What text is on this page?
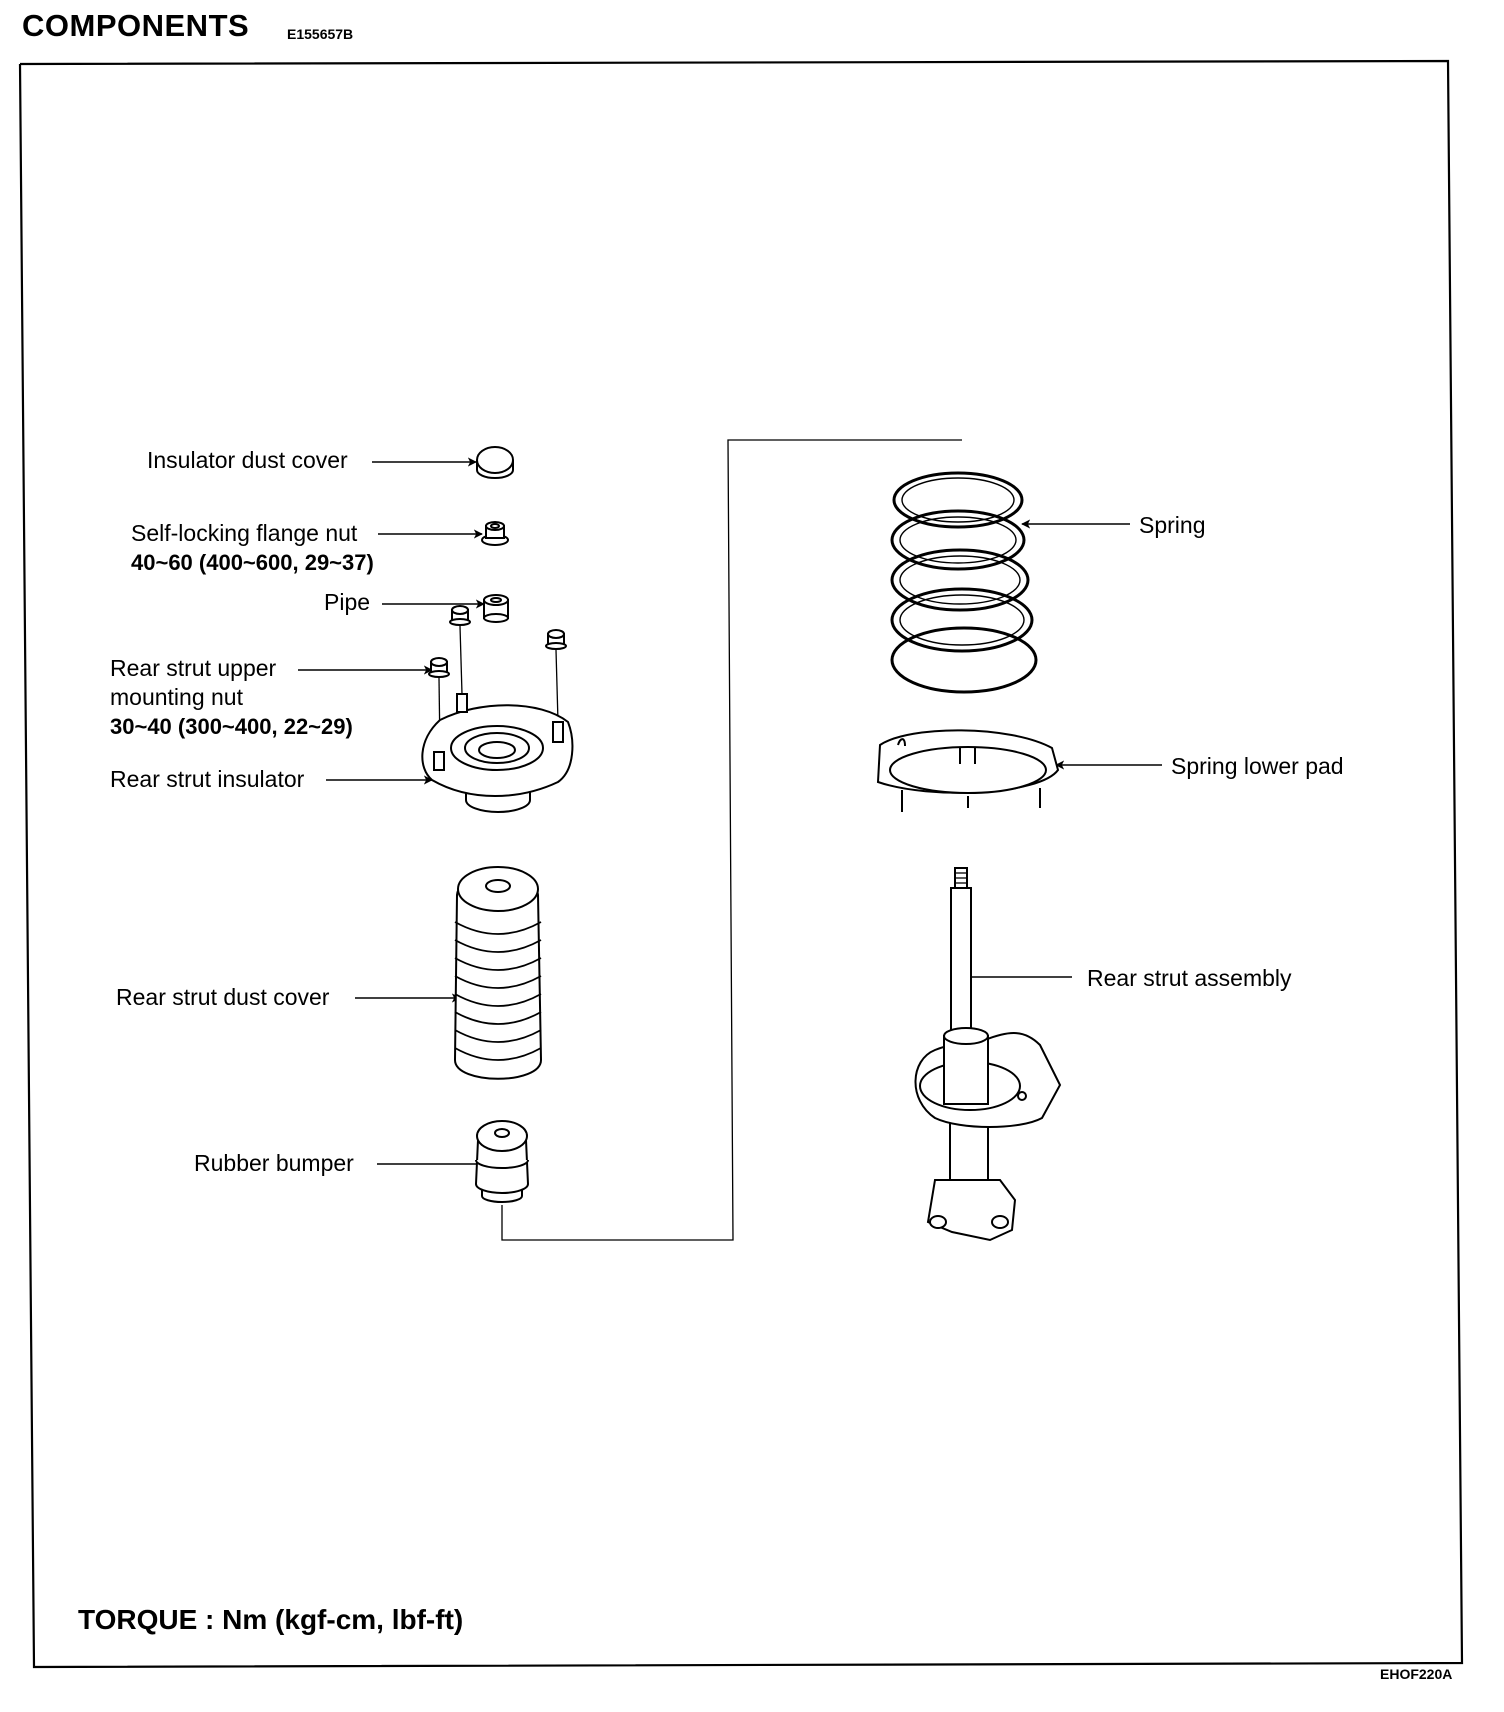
COMPONENTS	E155657B
Insulator dust cover
Self-locking flange nut
40~60 (400~600, 29~37)
Pipe
Rear strut upper
mounting nut
30~40 (300~400, 22~29)
Rear strut insulator
Rear strut dust cover
Rubber bumper
Spring
Spring lower pad
Rear strut assembly
TORQUE : Nm (kgf-cm, lbf-ft)
EHOF220A
